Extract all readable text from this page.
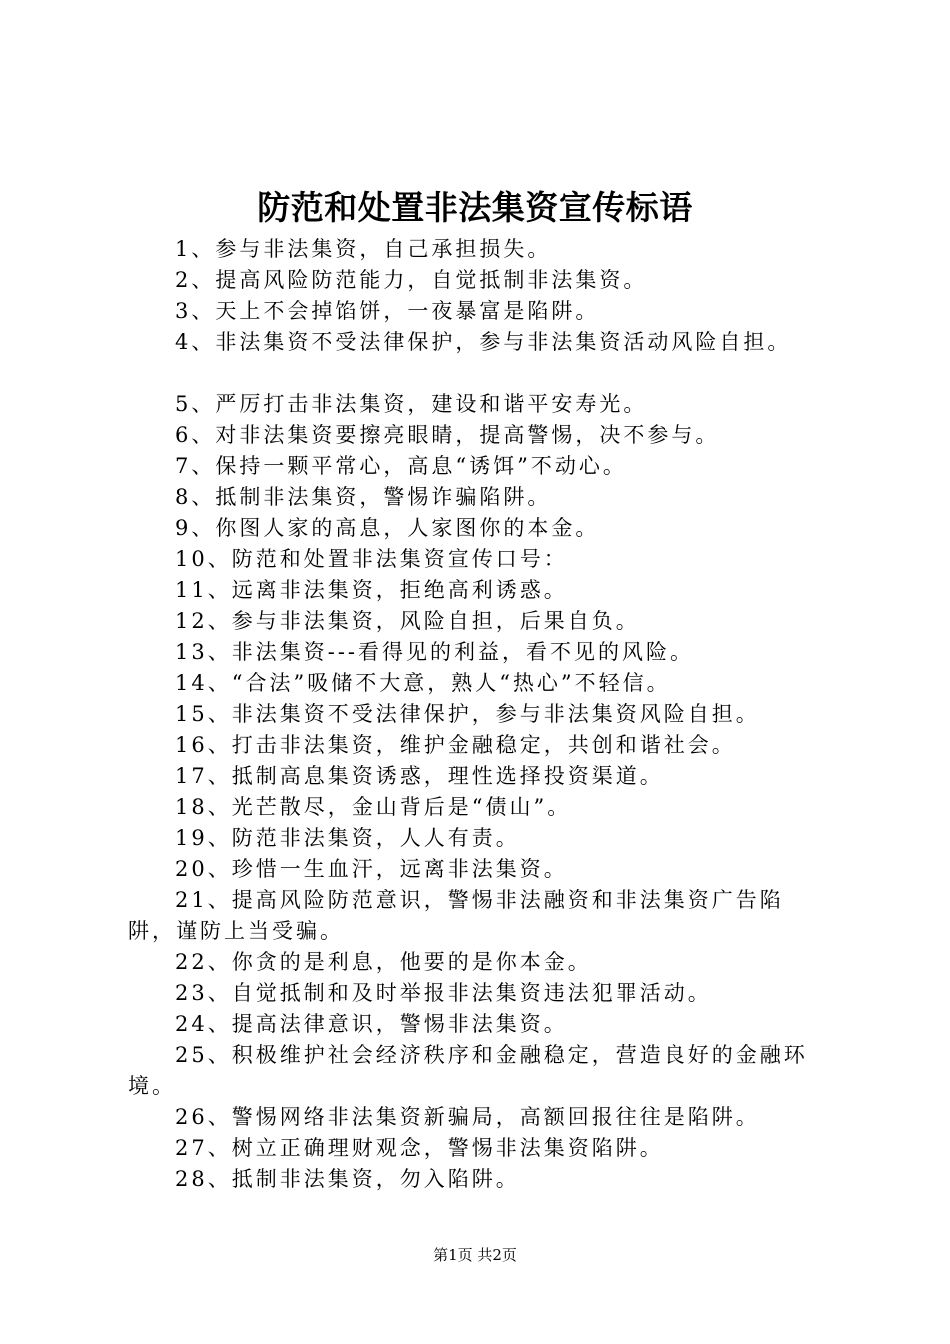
防范和处置非法集资宣传标语

1、参与非法集资，自己承担损失。

2、提高风险防范能力，自觉抵制非法集资。

3、天上不会掉馅饼，一夜暴富是陷阱。

4、非法集资不受法律保护，参与非法集资活动风险自担。

5、严厉打击非法集资，建设和谐平安寿光。

6、对非法集资要擦亮眼睛，提高警惕，决不参与。

7、保持一颗平常心，高息“诱饵”不动心。

8、抵制非法集资，警惕诈骗陷阱。

9、你图人家的高息，人家图你的本金。

10、防范和处置非法集资宣传口号：

11、远离非法集资，拒绝高利诱惑。

12、参与非法集资，风险自担，后果自负。

13、非法集资---看得见的利益，看不见的风险。

14、“合法”吸储不大意，熟人“热心”不轻信。

15、非法集资不受法律保护，参与非法集资风险自担。

16、打击非法集资，维护金融稳定，共创和谐社会。

17、抵制高息集资诱惑，理性选择投资渠道。

18、光芒散尽，金山背后是“债山”。

19、防范非法集资，人人有责。

20、珍惜一生血汗，远离非法集资。

21、提高风险防范意识，警惕非法融资和非法集资广告陷阱，谨防上当受骗。

22、你贪的是利息，他要的是你本金。

23、自觉抵制和及时举报非法集资违法犯罪活动。

24、提高法律意识，警惕非法集资。

25、积极维护社会经济秩序和金融稳定，营造良好的金融环境。

26、警惕网络非法集资新骗局，高额回报往往是陷阱。

27、树立正确理财观念，警惕非法集资陷阱。

28、抵制非法集资，勿入陷阱。

第1页 共2页
